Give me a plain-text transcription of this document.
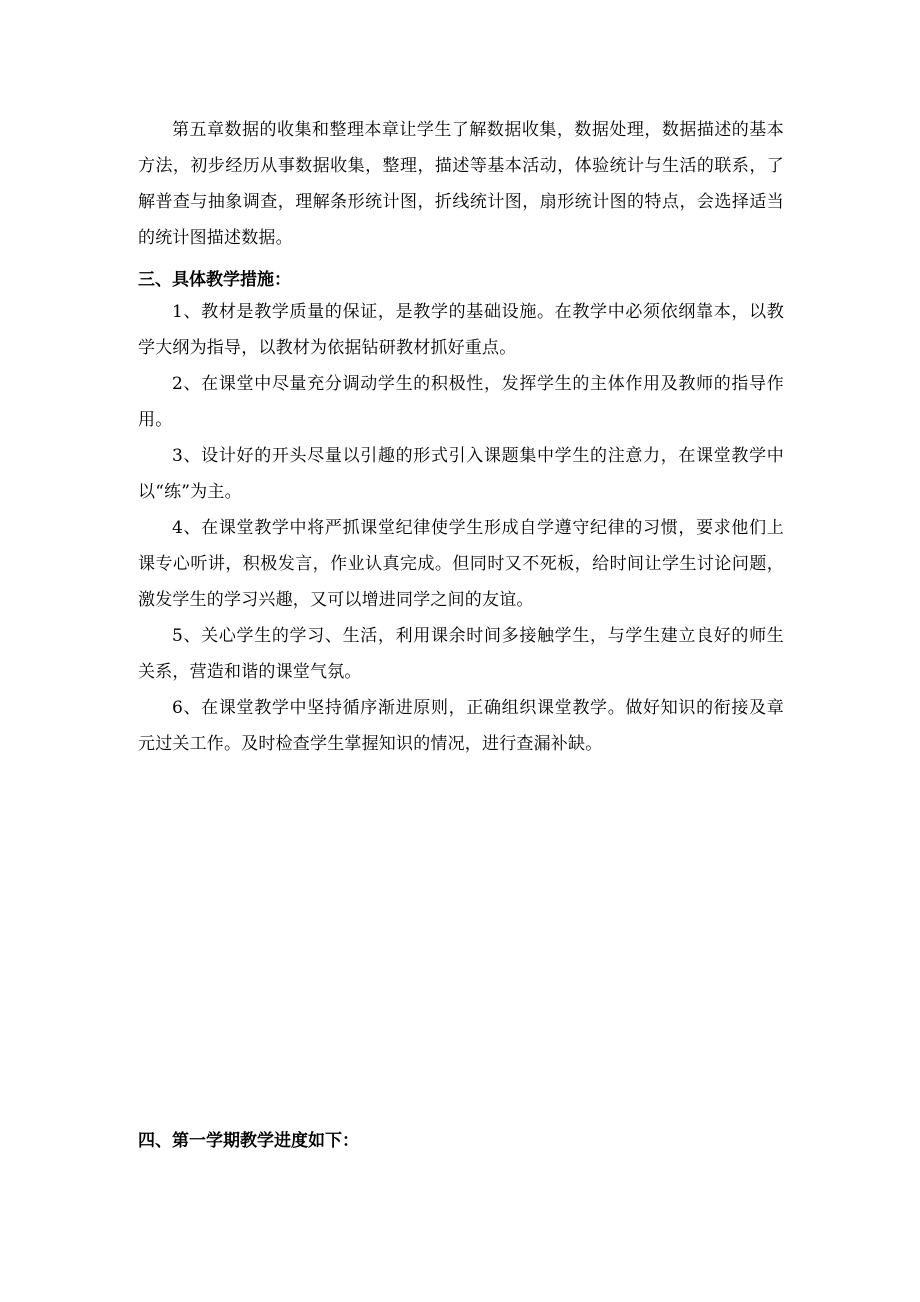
第五章数据的收集和整理本章让学生了解数据收集，数据处理，数据描述的基本方法，初步经历从事数据收集，整理，描述等基本活动，体验统计与生活的联系，了解普查与抽象调查，理解条形统计图，折线统计图，扇形统计图的特点，会选择适当的统计图描述数据。

三、具体教学措施：

1、教材是教学质量的保证，是教学的基础设施。在教学中必须依纲靠本，以教学大纲为指导，以教材为依据钻研教材抓好重点。

2、在课堂中尽量充分调动学生的积极性，发挥学生的主体作用及教师的指导作用。

3、设计好的开头尽量以引趣的形式引入课题集中学生的注意力，在课堂教学中以“练”为主。

4、在课堂教学中将严抓课堂纪律使学生形成自学遵守纪律的习惯，要求他们上课专心听讲，积极发言，作业认真完成。但同时又不死板，给时间让学生讨论问题，激发学生的学习兴趣，又可以增进同学之间的友谊。

5、关心学生的学习、生活，利用课余时间多接触学生，与学生建立良好的师生关系，营造和谐的课堂气氛。

6、在课堂教学中坚持循序渐进原则，正确组织课堂教学。做好知识的衔接及章元过关工作。及时检查学生掌握知识的情况，进行查漏补缺。

四、第一学期教学进度如下：
